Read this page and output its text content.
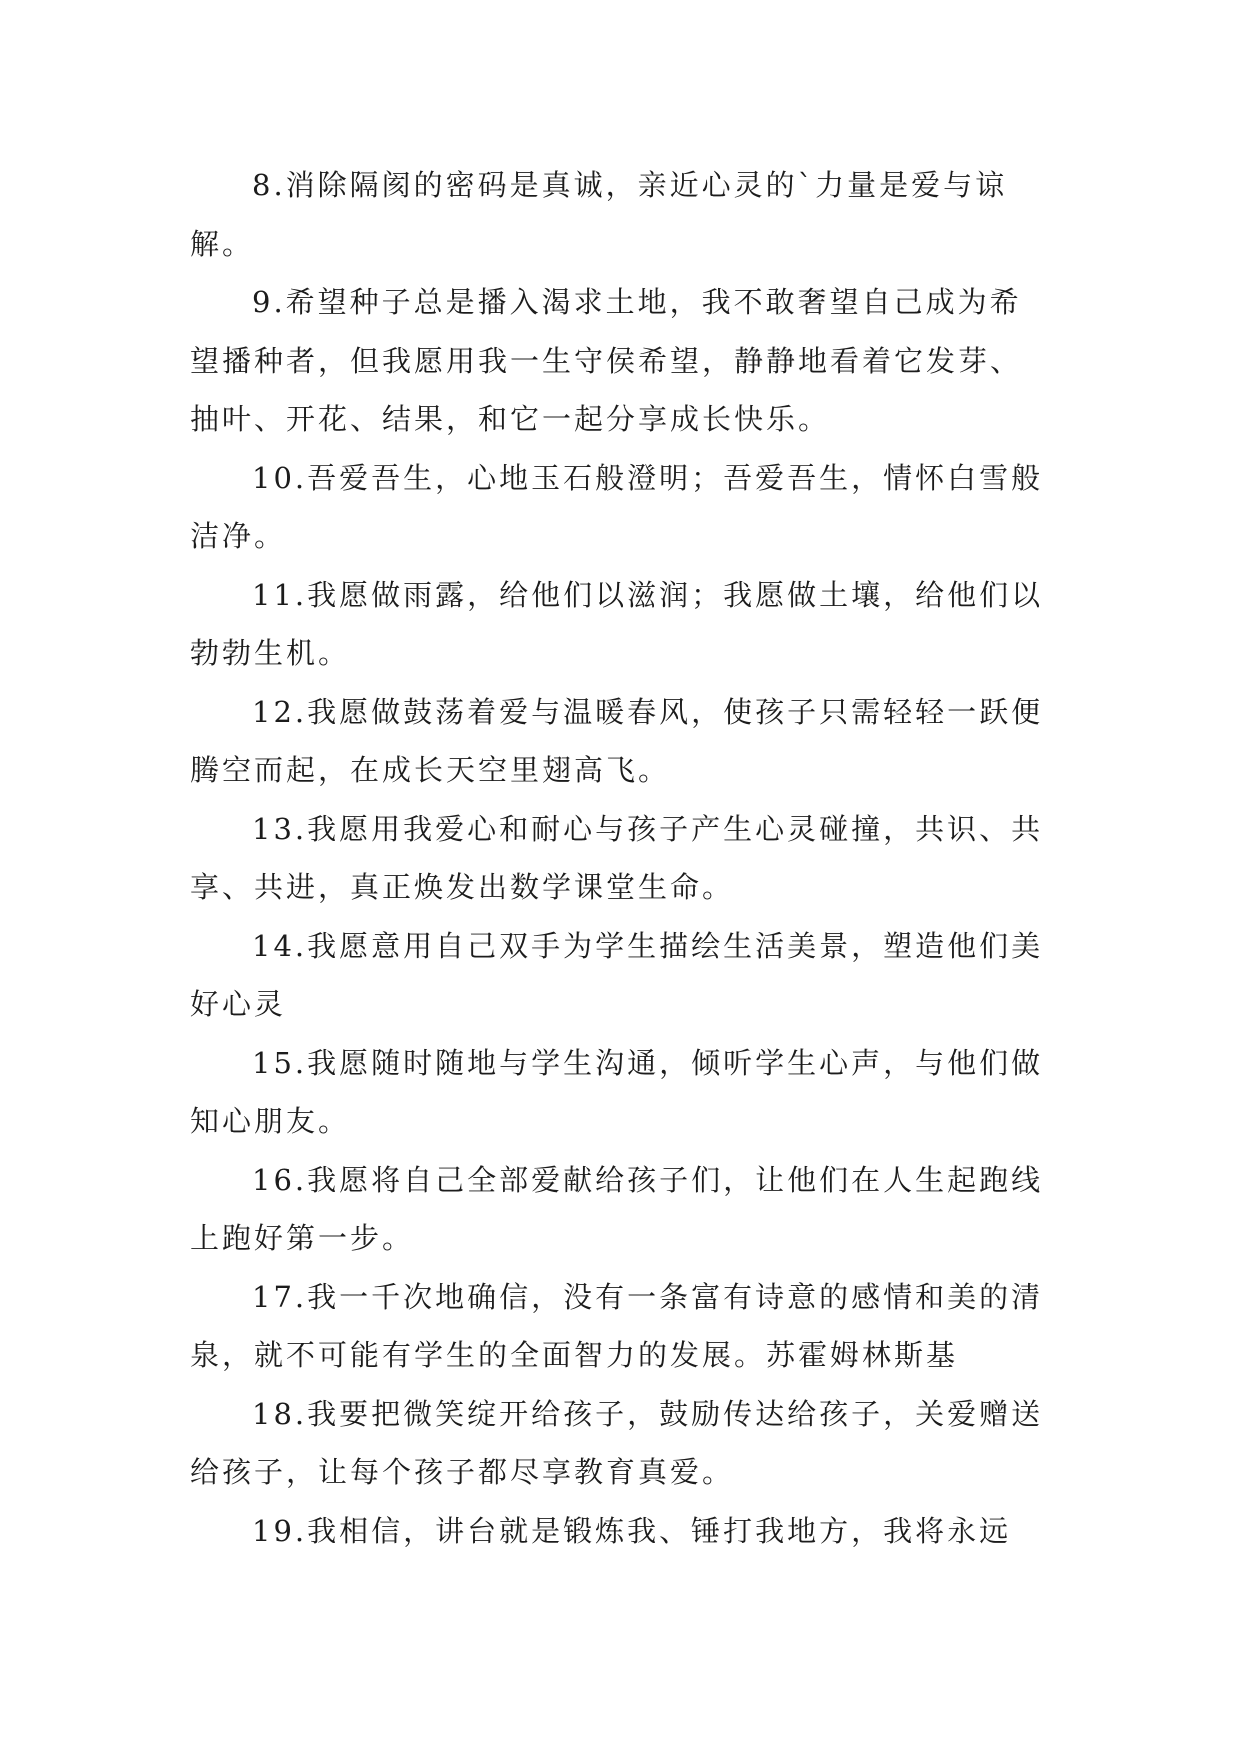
8.消除隔阂的密码是真诚，亲近心灵的`力量是爱与谅解。

9.希望种子总是播入渴求土地，我不敢奢望自己成为希望播种者，但我愿用我一生守侯希望，静静地看着它发芽、抽叶、开花、结果，和它一起分享成长快乐。

10.吾爱吾生，心地玉石般澄明；吾爱吾生，情怀白雪般洁净。

11.我愿做雨露，给他们以滋润；我愿做土壤，给他们以勃勃生机。

12.我愿做鼓荡着爱与温暖春风，使孩子只需轻轻一跃便腾空而起，在成长天空里翅高飞。

13.我愿用我爱心和耐心与孩子产生心灵碰撞，共识、共享、共进，真正焕发出数学课堂生命。

14.我愿意用自己双手为学生描绘生活美景，塑造他们美好心灵

15.我愿随时随地与学生沟通，倾听学生心声，与他们做知心朋友。

16.我愿将自己全部爱献给孩子们，让他们在人生起跑线上跑好第一步。

17.我一千次地确信，没有一条富有诗意的感情和美的清泉，就不可能有学生的全面智力的发展。苏霍姆林斯基

18.我要把微笑绽开给孩子，鼓励传达给孩子，关爱赠送给孩子，让每个孩子都尽享教育真爱。

19.我相信，讲台就是锻炼我、锤打我地方，我将永远
